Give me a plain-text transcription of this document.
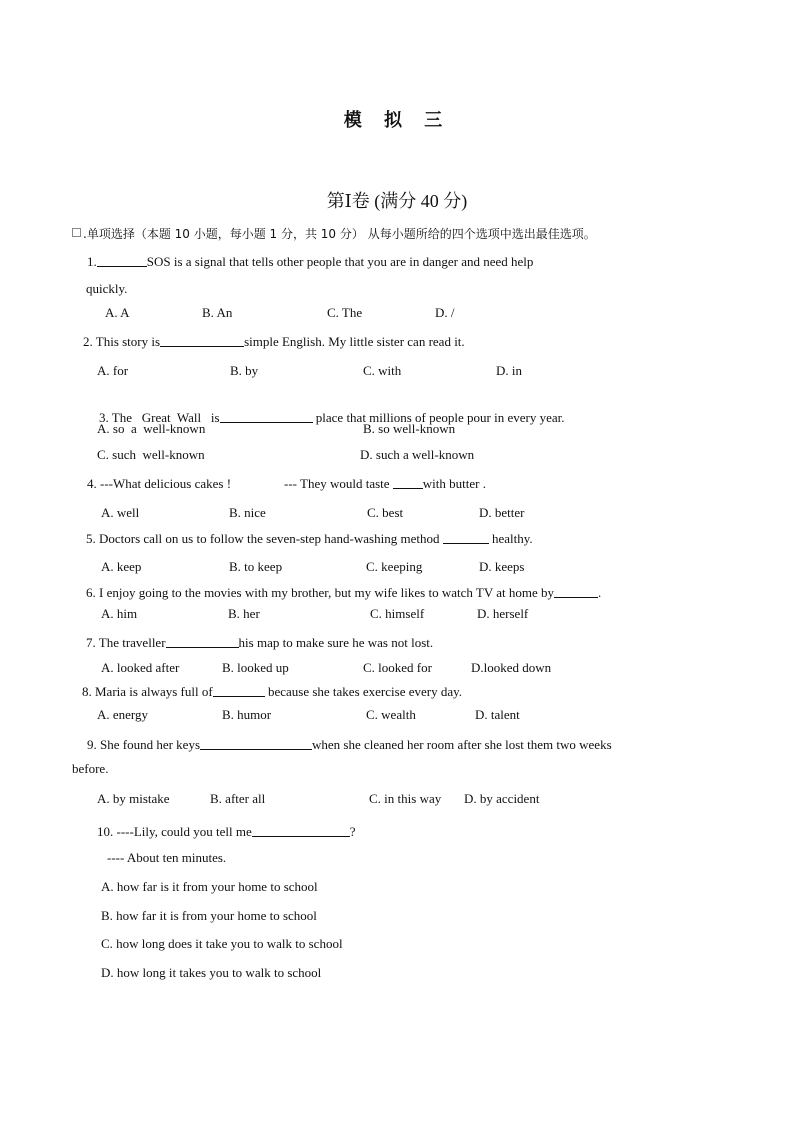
模 拟 三
第Ⅰ卷 (满分 40 分)
.单项选择（本题 10 小题，每小题 1 分，共 10 分） 从每小题所给的四个选项中选出最佳选项。
1.	SOS is a signal that tells other people that you are in danger and need help
quickly.
A. A	B. An	C. The	D. /
2. This story is	simple English. My little sister can read it.
A. for	B. by	C. with	D. in

3. The   Great  Wall   is	place that millions of people pour in every year.

A. so  a  well-known	B. so well-known
C. such  well-known	D. such a well-known
4. ---What delicious cakes !	--- They would taste	with butter .
A. well	B. nice	C. best	D. better
5. Doctors call on us to follow the seven-step hand-washing method	healthy.
A. keep	B. to keep	C. keeping	D. keeps
6. I enjoy going to the movies with my brother, but my wife likes to watch TV at home by	.
A. him	B. her	C. himself	D. herself
7. The traveller	his map to make sure he was not lost.
A. looked after	B. looked up	C. looked for	D.looked down
8. Maria is always full of	because she takes exercise every day.
A. energy	B. humor	C. wealth	D. talent
9. She found her keys	when she cleaned her room after she lost them two weeks
before.
A. by mistake	B. after all	C. in this way D. by accident
10. ----Lily, could you tell me	?
---- About ten minutes.
A. how far is it from your home to school
B. how far it is from your home to school
C. how long does it take you to walk to school
D. how long it takes you to walk to school
